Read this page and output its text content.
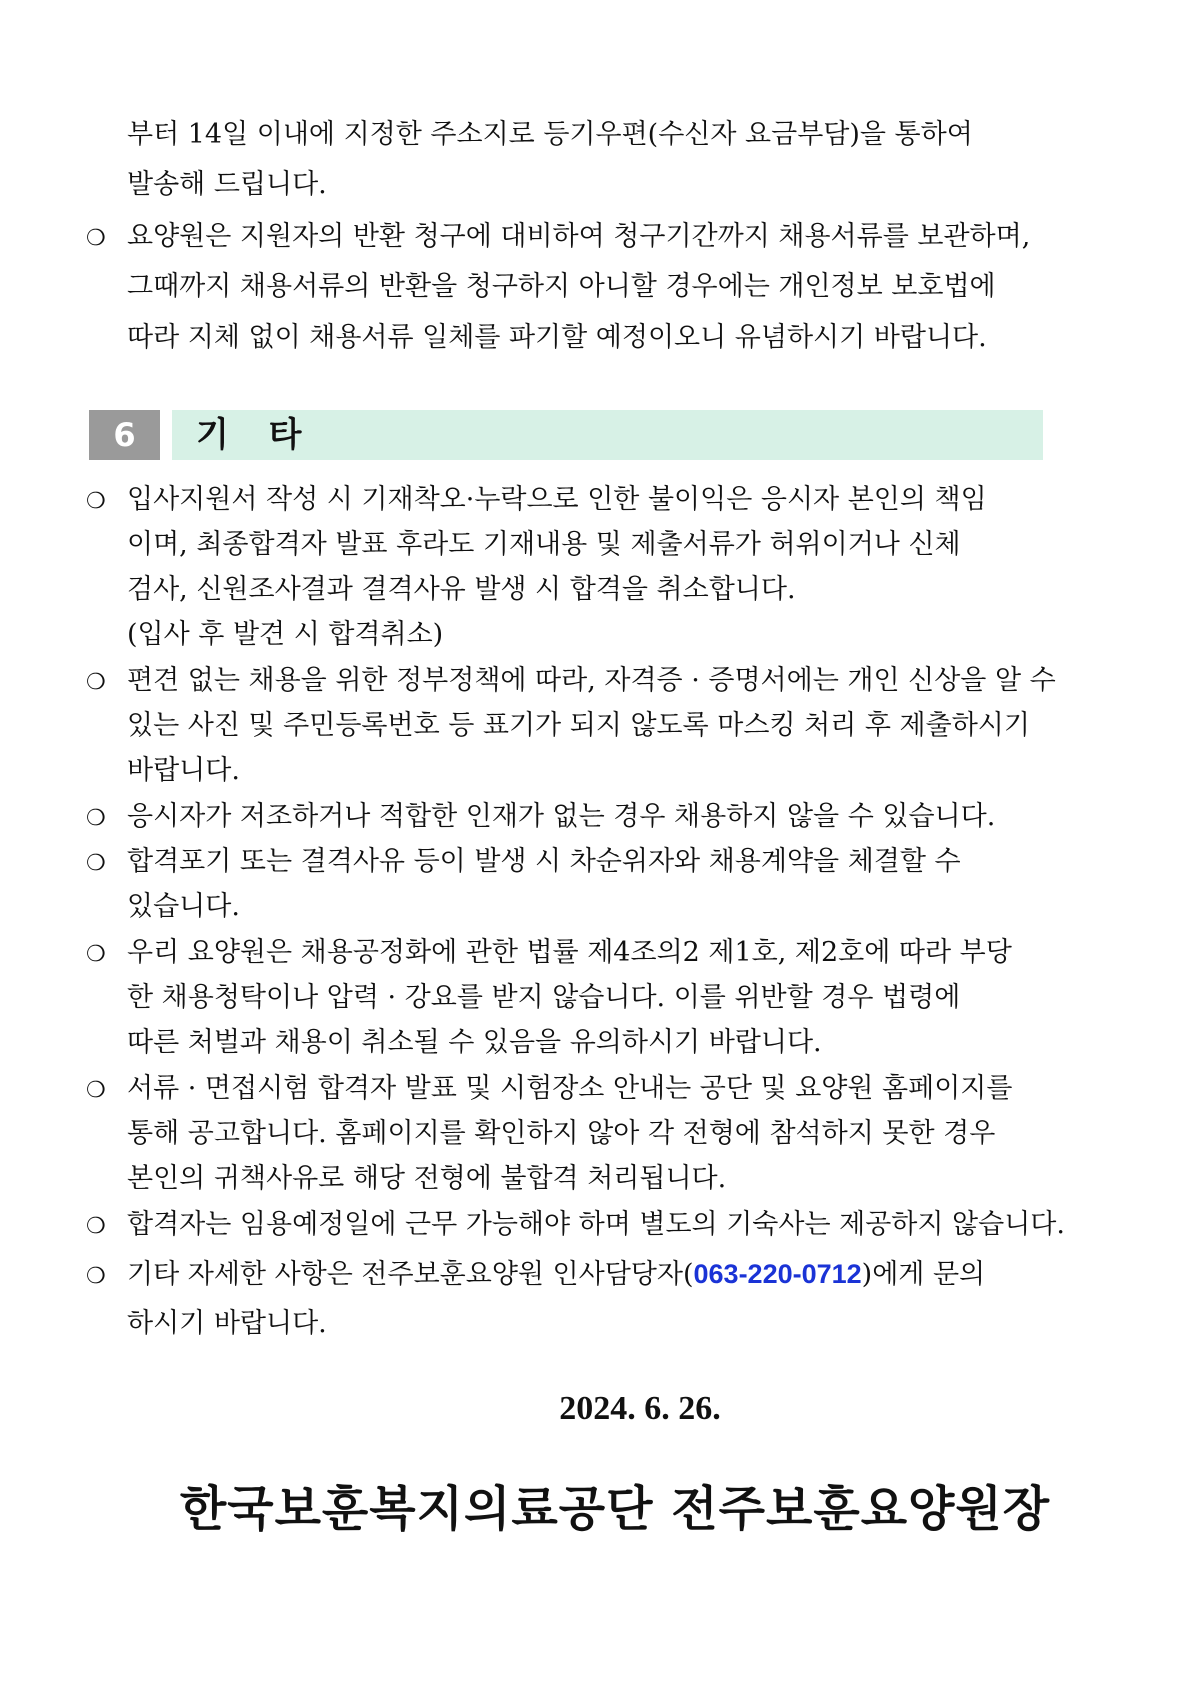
부터 14일 이내에 지정한 주소지로 등기우편(수신자 요금부담)을 통하여
발송해 드립니다.
❍ 요양원은 지원자의 반환 청구에 대비하여 청구기간까지 채용서류를 보관하며,
그때까지 채용서류의 반환을 청구하지 아니할 경우에는 개인정보 보호법에
따라 지체 없이 채용서류 일체를 파기할 예정이오니 유념하시기 바랍니다.
6	기 타
❍ 입사지원서 작성 시 기재착오·누락으로 인한 불이익은 응시자 본인의 책임
이며, 최종합격자 발표 후라도 기재내용 및 제출서류가 허위이거나 신체
검사, 신원조사결과 결격사유 발생 시 합격을 취소합니다.
(입사 후 발견 시 합격취소)
❍ 편견 없는 채용을 위한 정부정책에 따라, 자격증 · 증명서에는 개인 신상을 알 수
있는 사진 및 주민등록번호 등 표기가 되지 않도록 마스킹 처리 후 제출하시기
바랍니다.
❍ 응시자가 저조하거나 적합한 인재가 없는 경우 채용하지 않을 수 있습니다.
❍ 합격포기 또는 결격사유 등이 발생 시 차순위자와 채용계약을 체결할 수
있습니다.
❍ 우리 요양원은 채용공정화에 관한 법률 제4조의2 제1호, 제2호에 따라 부당
한 채용청탁이나 압력 · 강요를 받지 않습니다. 이를 위반할 경우 법령에
따른 처벌과 채용이 취소될 수 있음을 유의하시기 바랍니다.
❍ 서류 · 면접시험 합격자 발표 및 시험장소 안내는 공단 및 요양원 홈페이지를
통해 공고합니다. 홈페이지를 확인하지 않아 각 전형에 참석하지 못한 경우
본인의 귀책사유로 해당 전형에 불합격 처리됩니다.
❍ 합격자는 임용예정일에 근무 가능해야 하며 별도의 기숙사는 제공하지 않습니다.
❍ 기타 자세한 사항은 전주보훈요양원 인사담당자(063-220-0712)에게 문의
하시기 바랍니다.
2024. 6. 26.
한국보훈복지의료공단 전주보훈요양원장
